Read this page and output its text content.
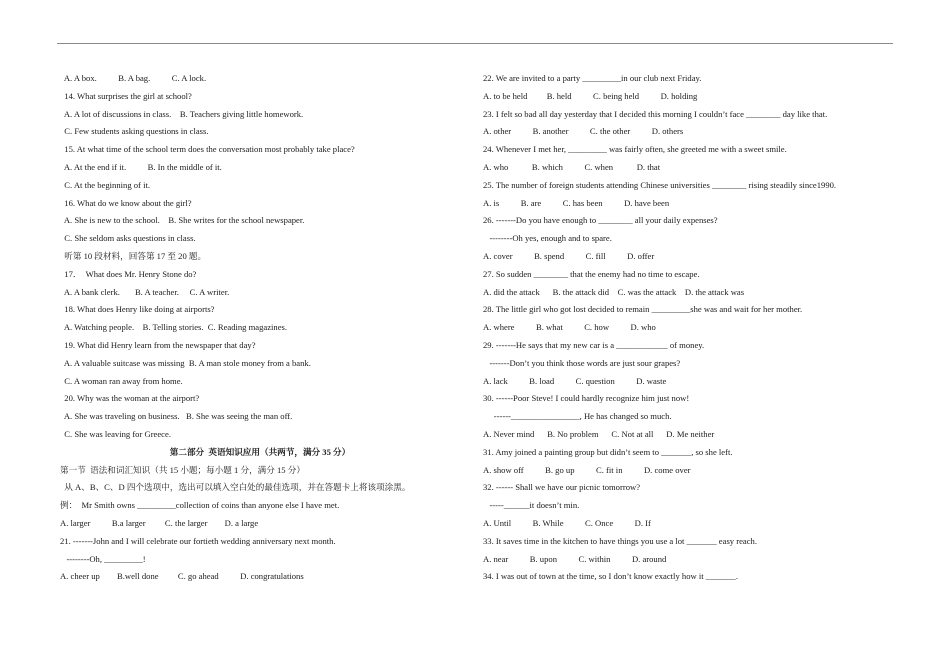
A. A box.          B. A bag.          C. A lock.
14. What surprises the girl at school?
A. A lot of discussions in class.    B. Teachers giving little homework.
C. Few students asking questions in class.
15. At what time of the school term does the conversation most probably take place?
A. At the end if it.          B. In the middle of it.
C. At the beginning of it.
16. What do we know about the girl?
A. She is new to the school.    B. She writes for the school newspaper.
C. She seldom asks questions in class.
听第 10 段材料，回答第 17 至 20 题。
17．  What does Mr. Henry Stone do?
A. A bank clerk.       B. A teacher.     C. A writer.
18. What does Henry like doing at airports?
A. Watching people.    B. Telling stories.  C. Reading magazines.
19. What did Henry learn from the newspaper that day?
A. A valuable suitcase was missing  B. A man stole money from a bank.
C. A woman ran away from home.
20. Why was the woman at the airport?
A. She was traveling on business.   B. She was seeing the man off.
C. She was leaving for Greece.
第二部分  英语知识应用（共两节，满分 35 分）
第一节  语法和词汇知识（共 15 小题；每小题 1 分，满分 15 分）
从 A、B、C、D 四个选项中，选出可以填入空白处的最佳选项，并在答题卡上将该项涂黑。
例：  Mr Smith owns _________collection of coins than anyone else I have met.
A. larger          B.a larger         C. the larger        D. a large
21. -------John and I will celebrate our fortieth wedding anniversary next month.
--------Oh, _________!
A. cheer up        B.well done         C. go ahead          D. congratulations
22. We are invited to a party _________in our club next Friday.
A. to be held         B. held          C. being held          D. holding
23. I felt so bad all day yesterday that I decided this morning I couldn’t face ________ day like that.
A. other          B. another          C. the other          D. others
24. Whenever I met her, _________ was fairly often, she greeted me with a sweet smile.
A. who           B. which          C. when           D. that
25. The number of foreign students attending Chinese universities ________ rising steadily since1990.
A. is          B. are          C. has been          D. have been
26. -------Do you have enough to ________ all your daily expenses?
--------Oh yes, enough and to spare.
A. cover          B. spend          C. fill          D. offer
27. So sudden ________ that the enemy had no time to escape.
A. did the attack      B. the attack did    C. was the attack    D. the attack was
28. The little girl who got lost decided to remain _________she was and wait for her mother.
A. where          B. what          C. how          D. who
29. -------He says that my new car is a ____________ of money.
-------Don’t you think those words are just sour grapes?
A. lack          B. load          C. question          D. waste
30. ------Poor Steve! I could hardly recognize him just now!
------________________, He has changed so much.
A. Never mind      B. No problem      C. Not at all      D. Me neither
31. Amy joined a painting group but didn’t seem to _______, so she left.
A. show off          B. go up          C. fit in          D. come over
32. ------ Shall we have our picnic tomorrow?
-----______it doesn’t min.
A. Until          B. While          C. Once          D. If
33. It saves time in the kitchen to have things you use a lot _______ easy reach.
A. near          B. upon          C. within          D. around
34. I was out of town at the time, so I don’t know exactly how it _______.
